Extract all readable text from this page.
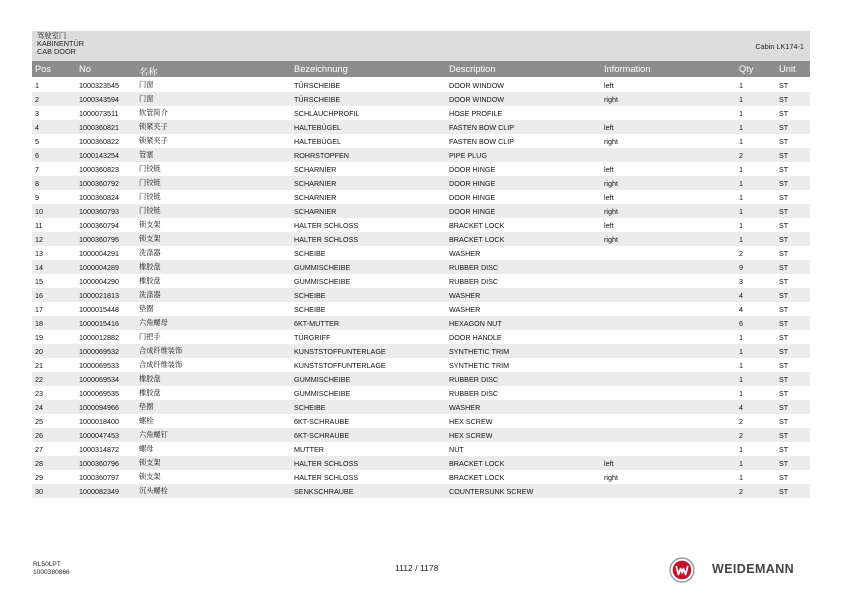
驾驶室门
KABINENTÜR
CAB DOOR
Cabin LK174-1
Pos	No	名称	Bezeichnung	Description	Information	Qty	Unit
1	1000323545	门窗	TÜRSCHEIBE	DOOR WINDOW	left	1	ST
2	1000343594	门窗	TÜRSCHEIBE	DOOR WINDOW	right	1	ST
3	1000073511	软管简介	SCHLAUCHPROFIL	HOSE PROFILE		1	ST
4	1000360821	锁紧夹子	HALTEBÜGEL	FASTEN BOW CLIP	left	1	ST
5	1000360822	锁紧夹子	HALTEBÜGEL	FASTEN BOW CLIP	right	1	ST
6	1000143254	管塞	ROHRSTOPFEN	PIPE PLUG		2	ST
7	1000360823	门铰链	SCHARNIER	DOOR HINGE	left	1	ST
8	1000360792	门铰链	SCHARNIER	DOOR HINGE	right	1	ST
9	1000360824	门铰链	SCHARNIER	DOOR HINGE	left	1	ST
10	1000360793	门铰链	SCHARNIER	DOOR HINGE	right	1	ST
11	1000360794	锁支架	HALTER SCHLOSS	BRACKET LOCK	left	1	ST
12	1000360795	锁支架	HALTER SCHLOSS	BRACKET LOCK	right	1	ST
13	1000004291	洗涤器	SCHEIBE	WASHER		2	ST
14	1000004289	橡胶盘	GUMMISCHEIBE	RUBBER DISC		9	ST
15	1000004290	橡胶盘	GUMMISCHEIBE	RUBBER DISC		3	ST
16	1000021813	洗涤器	SCHEIBE	WASHER		4	ST
17	1000015448	垫圈	SCHEIBE	WASHER		4	ST
18	1000015416	六角螺母	6KT-MUTTER	HEXAGON NUT		6	ST
19	1000012882	门把手	TÜRGRIFF	DOOR HANDLE		1	ST
20	1000069532	合成纤维装饰	KUNSTSTOFFUNTERLAGE	SYNTHETIC TRIM		1	ST
21	1000069533	合成纤维装饰	KUNSTSTOFFUNTERLAGE	SYNTHETIC TRIM		1	ST
22	1000069534	橡胶盘	GUMMISCHEIBE	RUBBER DISC		1	ST
23	1000069535	橡胶盘	GUMMISCHEIBE	RUBBER DISC		1	ST
24	1000094966	垫圈	SCHEIBE	WASHER		4	ST
25	1000018400	螺栓	6KT-SCHRAUBE	HEX SCREW		2	ST
26	1000047453	六角螺钉	6KT-SCHRAUBE	HEX SCREW		2	ST
27	1000314872	螺母	MUTTER	NUT		1	ST
28	1000360796	锁支架	HALTER SCHLOSS	BRACKET LOCK	left	1	ST
29	1000360797	锁支架	HALTER SCHLOSS	BRACKET LOCK	right	1	ST
30	1000082349	沉头螺栓	SENKSCHRAUBE	COUNTERSUNK SCREW		2	ST
RL50LPT
1000380866	1112 / 1178	WEIDEMANN
